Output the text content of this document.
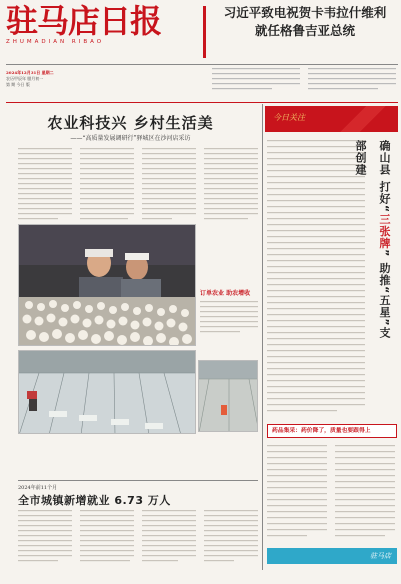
驻马店日报
ZHUMADIAN RIBAO
习近平致电祝贺卡韦拉什维利
就任格鲁吉亚总统
2024年12月31日 星期二
农历甲辰年 腊月初一
第 期 今日 版
农业科技兴 乡村生活美
——“高质量发展调研行”驿城区在沙河店采访
订单农业 助农增收
2024年前11个月
全市城镇新增就业 6.73 万人
今日关注
确山县 打好“三张牌” 助推“五星”支部创建
药品集采：药价降了，质量也要跟得上
驻马店
